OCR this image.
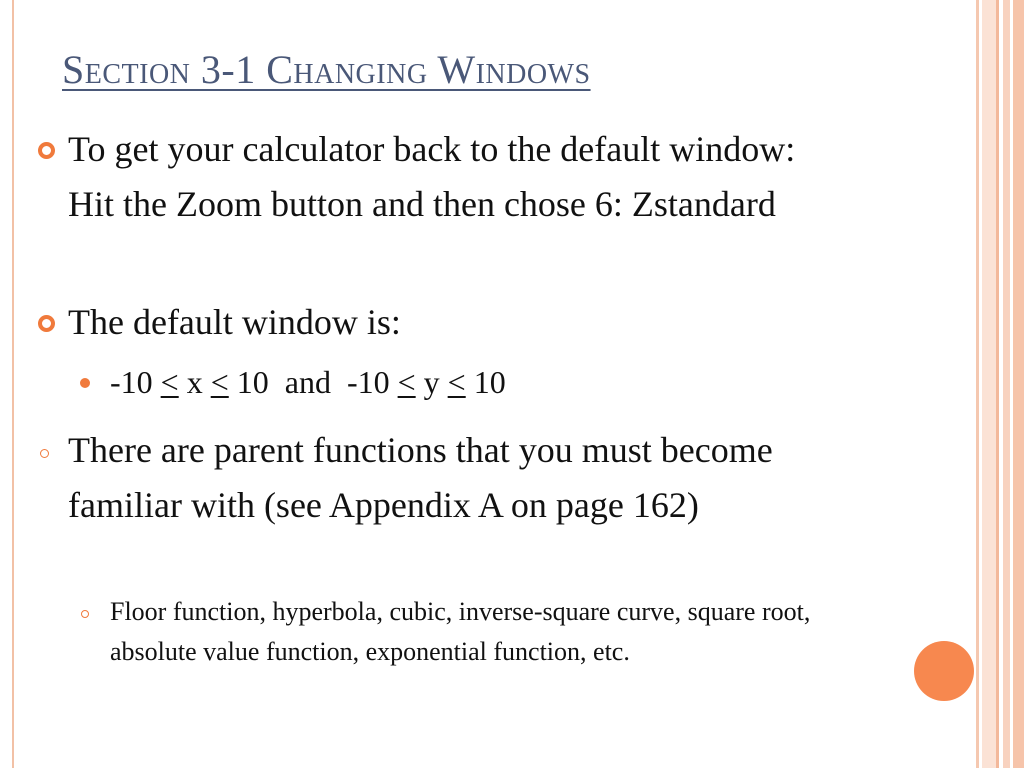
Section 3-1 Changing Windows
To get your calculator back to the default window: Hit the Zoom button and then chose 6: Zstandard
The default window is:
-10 ≤ x ≤ 10  and  -10 ≤ y ≤ 10
There are parent functions that you must become familiar with (see Appendix A on page 162)
Floor function, hyperbola, cubic, inverse-square curve, square root, absolute value function, exponential function, etc.
